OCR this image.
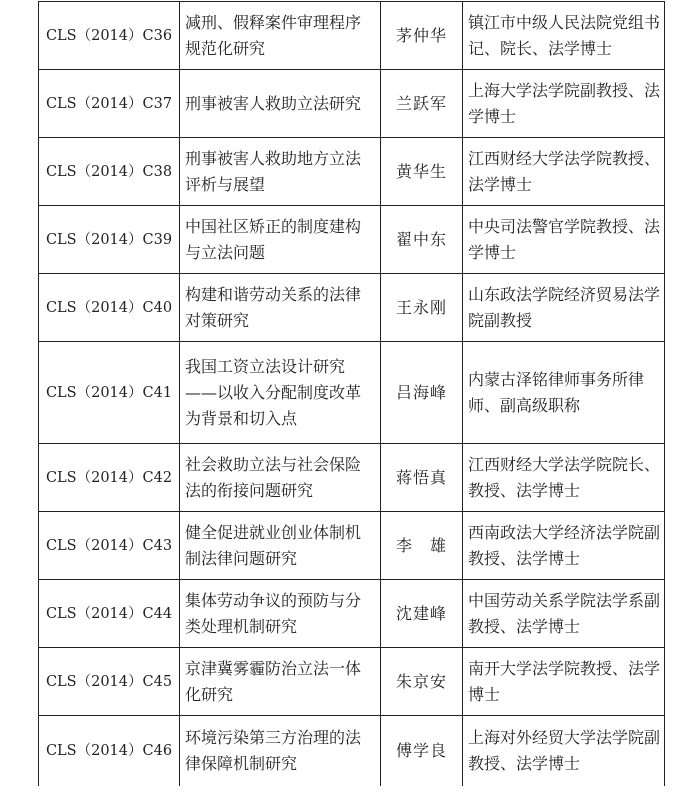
CLS（2014）C36	减刑、假释案件审理程序规范化研究	茅仲华	镇江市中级人民法院党组书记、院长、法学博士
CLS（2014）C37	刑事被害人救助立法研究	兰跃军	上海大学法学院副教授、法学博士
CLS（2014）C38	刑事被害人救助地方立法评析与展望	黄华生	江西财经大学法学院教授、法学博士
CLS（2014）C39	中国社区矫正的制度建构与立法问题	翟中东	中央司法警官学院教授、法学博士
CLS（2014）C40	构建和谐劳动关系的法律对策研究	王永刚	山东政法学院经济贸易法学院副教授
CLS（2014）C41	我国工资立法设计研究——以收入分配制度改革为背景和切入点	吕海峰	内蒙古泽铭律师事务所律师、副高级职称
CLS（2014）C42	社会救助立法与社会保险法的衔接问题研究	蒋悟真	江西财经大学法学院院长、教授、法学博士
CLS（2014）C43	健全促进就业创业体制机制法律问题研究	李　雄	西南政法大学经济法学院副教授、法学博士
CLS（2014）C44	集体劳动争议的预防与分类处理机制研究	沈建峰	中国劳动关系学院法学系副教授、法学博士
CLS（2014）C45	京津冀雾霾防治立法一体化研究	朱京安	南开大学法学院教授、法学博士
CLS（2014）C46	环境污染第三方治理的法律保障机制研究	傅学良	上海对外经贸大学法学院副教授、法学博士
